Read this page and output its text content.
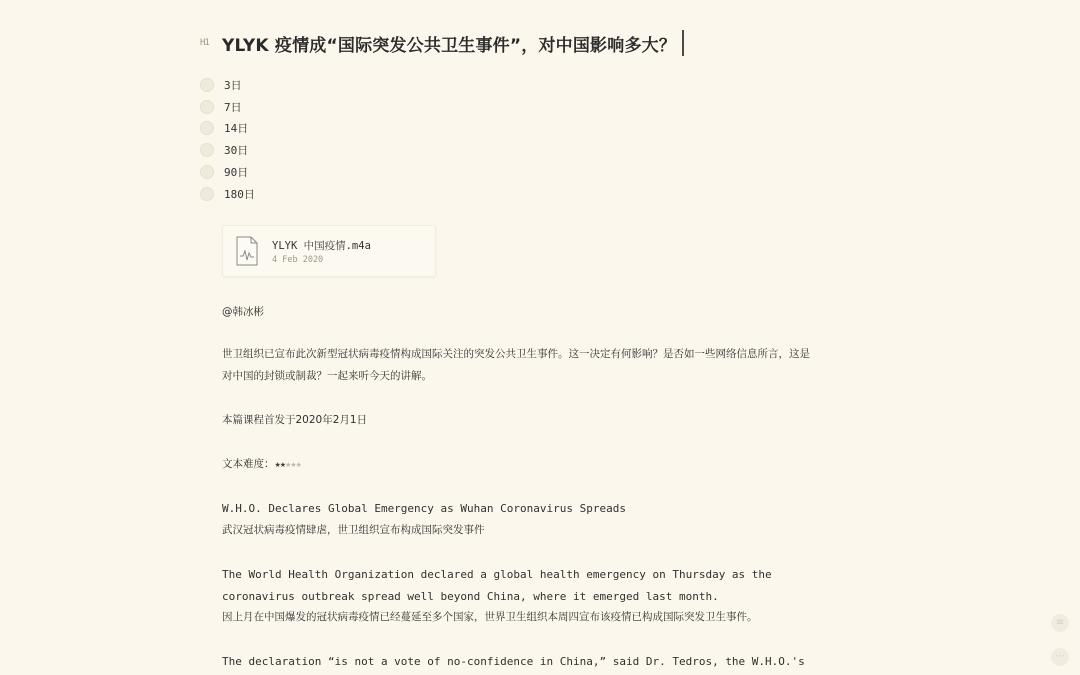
H1 YLYK 疫情成“国际突发公共卫生事件”，对中国影响多大？
3日
7日
14日
30日
90日
180日
YLYK 中国疫情.m4a
4 Feb 2020

@韩冰彬

世卫组织已宣布此次新型冠状病毒疫情构成国际关注的突发公共卫生事件。这一决定有何影响？是否如一些网络信息所言，这是
对中国的封锁或制裁？一起来听今天的讲解。

本篇课程首发于2020年2月1日

文本难度：★★★★★

W.H.O. Declares Global Emergency as Wuhan Coronavirus Spreads
武汉冠状病毒疫情肆虐，世卫组织宣布构成国际突发事件

The World Health Organization declared a global health emergency on Thursday as the
coronavirus outbreak spread well beyond China, where it emerged last month.
因上月在中国爆发的冠状病毒疫情已经蔓延至多个国家，世界卫生组织本周四宣布该疫情已构成国际突发卫生事件。

The declaration “is not a vote of no-confidence in China,” said Dr. Tedros, the W.H.O.'s

≡
⋯
